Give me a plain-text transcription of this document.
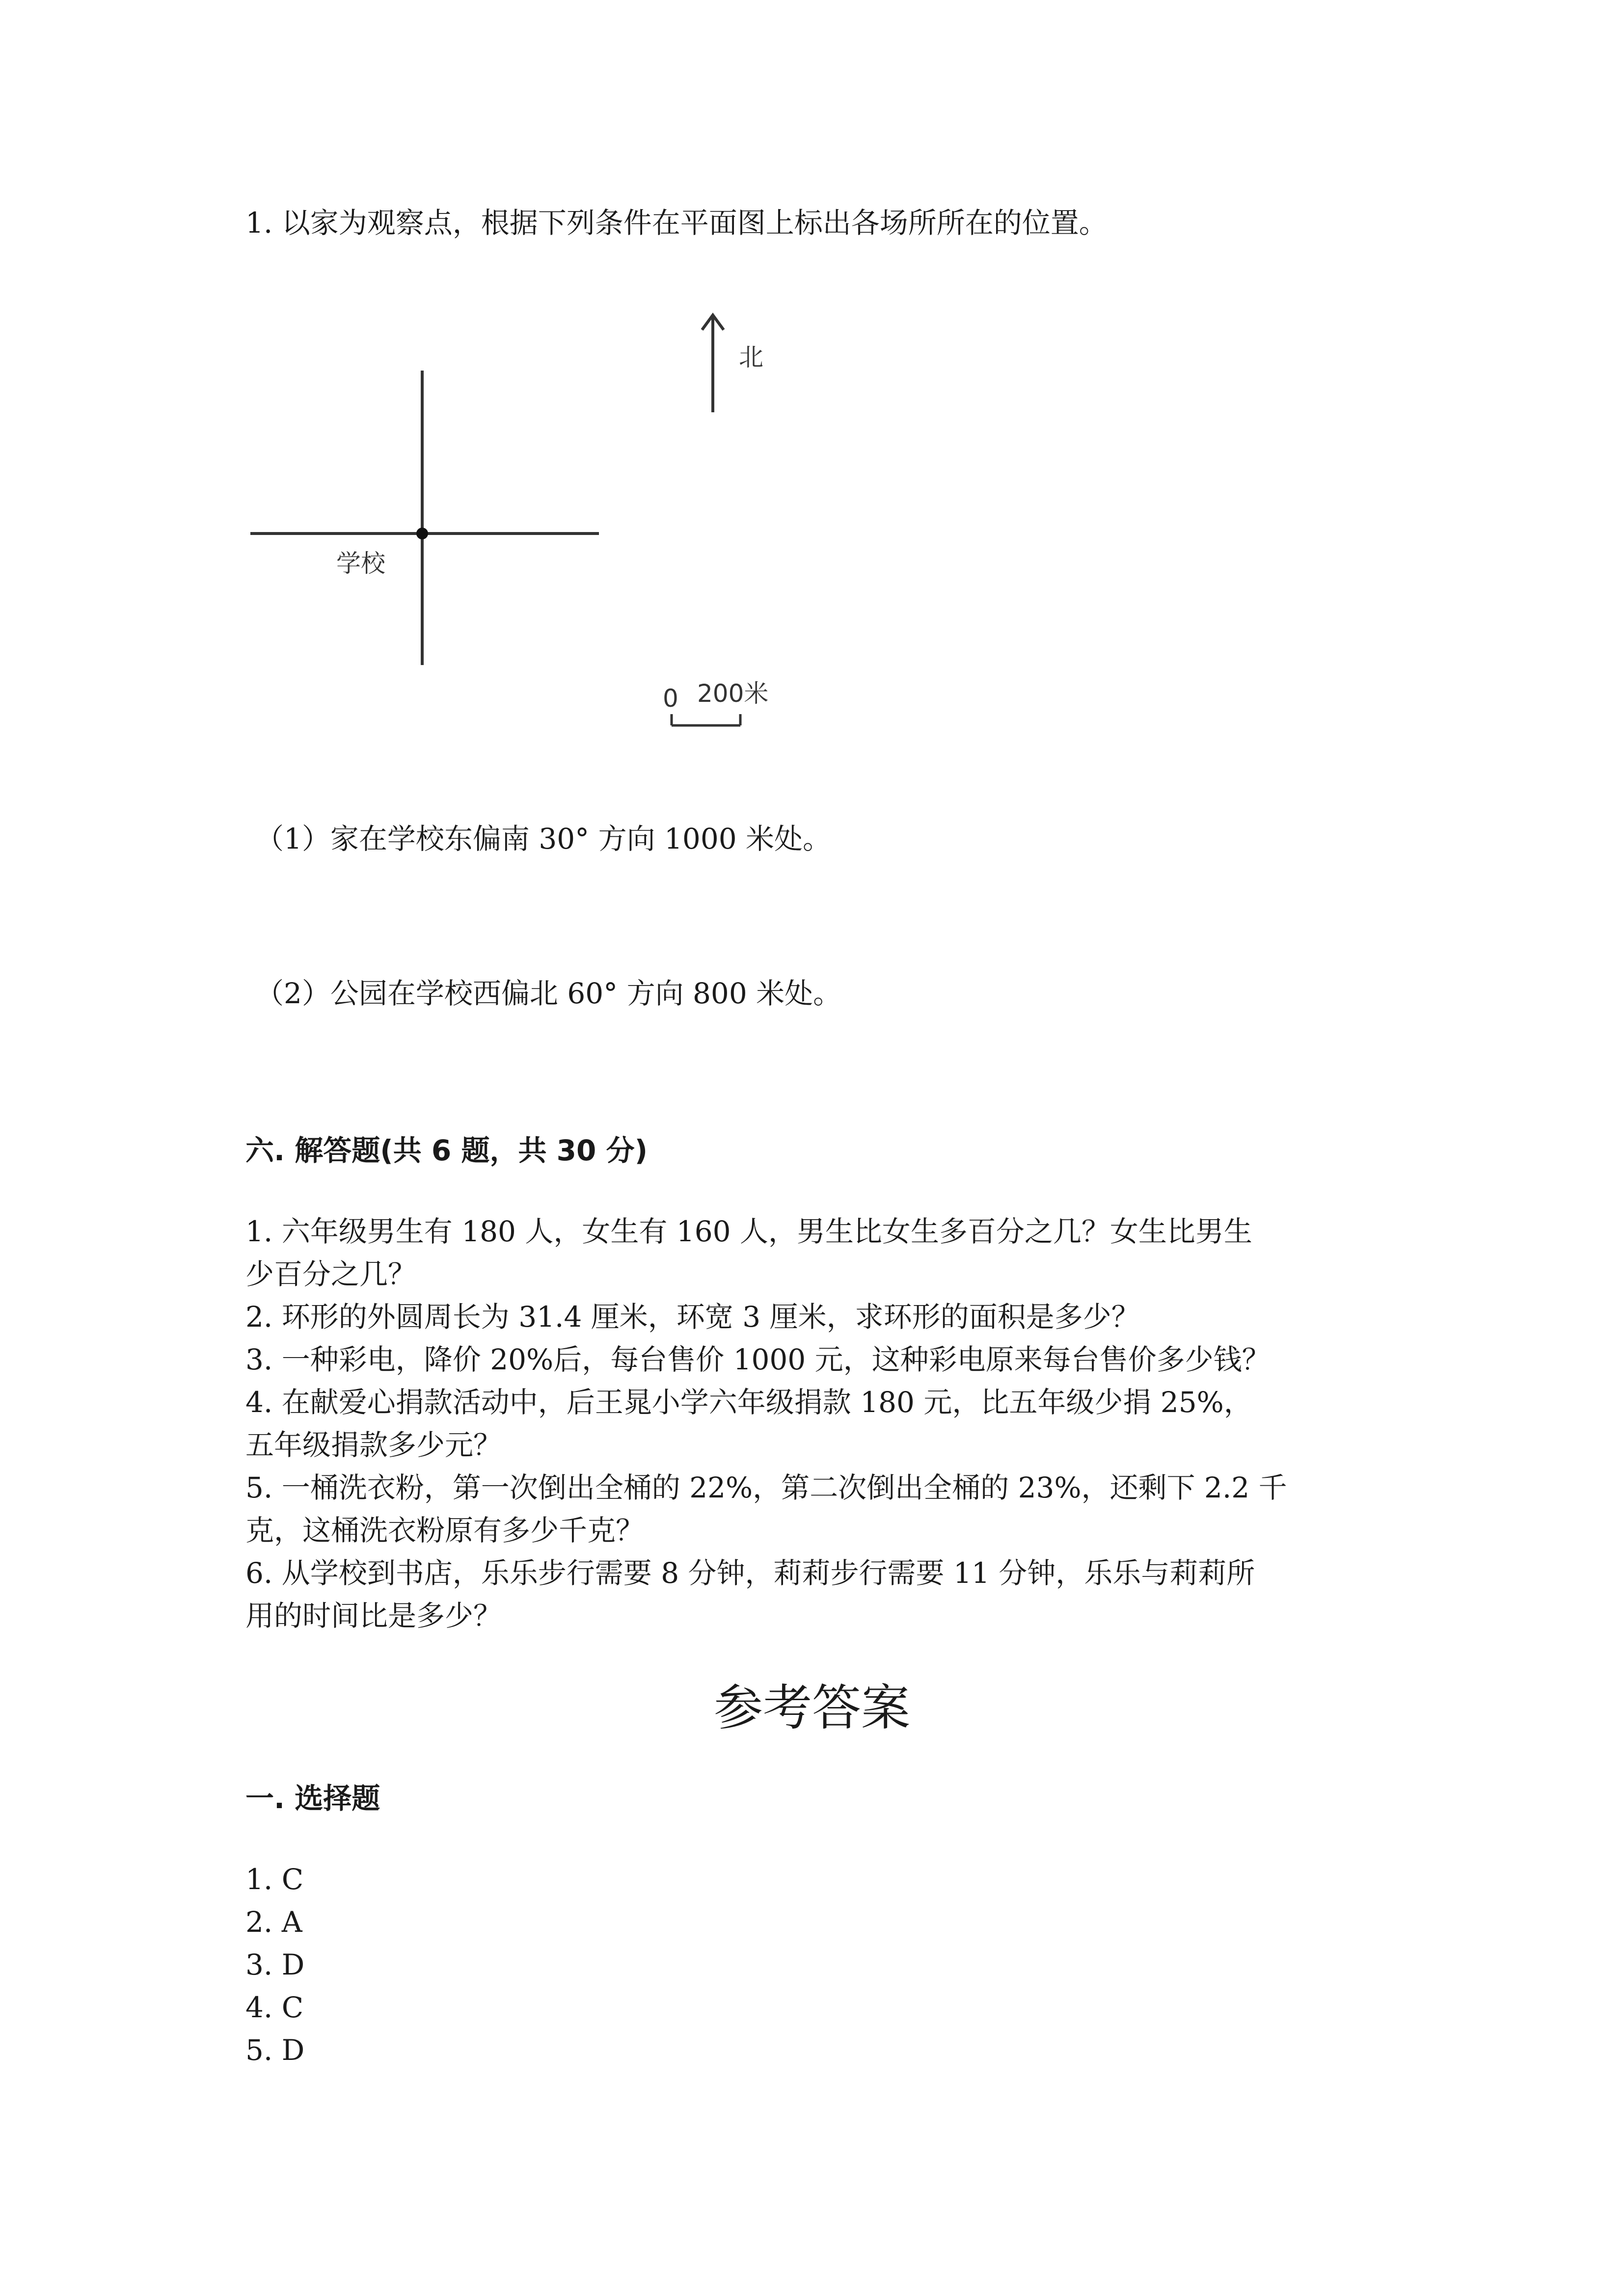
1. 以家为观察点，根据下列条件在平面图上标出各场所所在的位置。
北
学校
0 200米
（1）家在学校东偏南 30° 方向 1000 米处。
（2）公园在学校西偏北 60° 方向 800 米处。
六. 解答题(共 6 题，共 30 分)
1. 六年级男生有 180 人，女生有 160 人，男生比女生多百分之几？女生比男生
少百分之几？
2. 环形的外圆周长为 31.4 厘米，环宽 3 厘米，求环形的面积是多少？
3. 一种彩电，降价 20%后，每台售价 1000 元，这种彩电原来每台售价多少钱？
4. 在献爱心捐款活动中，后王晁小学六年级捐款 180 元，比五年级少捐 25%，
五年级捐款多少元？
5. 一桶洗衣粉，第一次倒出全桶的 22%，第二次倒出全桶的 23%，还剩下 2.2 千
克，这桶洗衣粉原有多少千克？
6. 从学校到书店，乐乐步行需要 8 分钟，莉莉步行需要 11 分钟，乐乐与莉莉所
用的时间比是多少？
参考答案
一. 选择题
1. C
2. A
3. D
4. C
5. D
